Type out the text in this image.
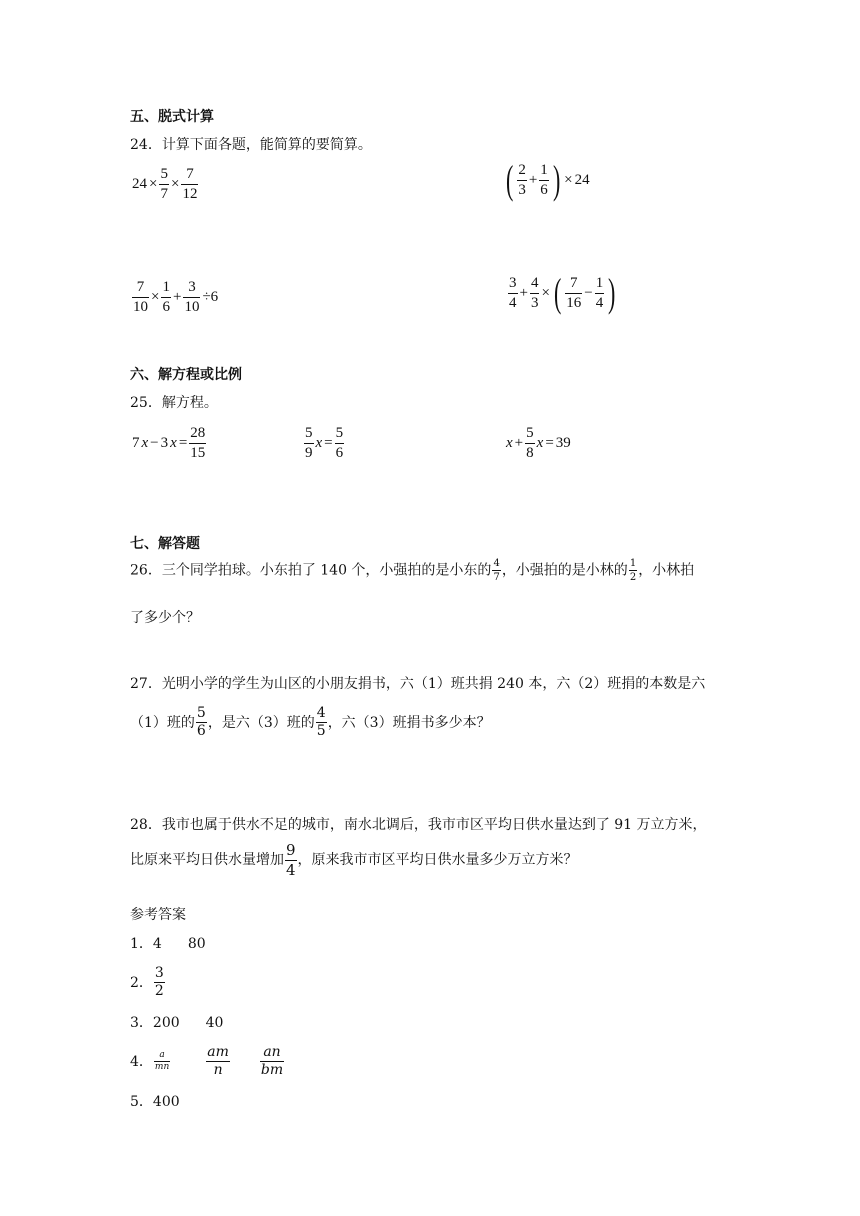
五、脱式计算
24．计算下面各题，能简算的要简算。
$24 \times \frac{5}{7} \times \frac{7}{12}$	( $\frac{2}{3} + \frac{1}{6}$ ) × 24
$\frac{7}{10} \times \frac{1}{6} + \frac{3}{10} \div 6$	$\frac{3}{4} + \frac{4}{3}$ ×( $\frac{7}{16} - \frac{1}{4}$ )
六、解方程或比例
25．解方程。
7 x − 3 $x = \frac{28}{15}$	$\frac{5}{9}$ $x = \frac{5}{6}$	$x + \frac{5}{8}$ x = 39
七、解答题
26．三个同学拍球。小东拍了 140 个，小强拍的是小东的 $\frac{4}{7}$ ，小强拍的是小林的 $\frac{1}{2}$ ，小林拍
了多少个？
27．光明小学的学生为山区的小朋友捐书，六（1）班共捐 240 本，六（2）班捐的本数是六
（1）班的 $\frac{5}{6}$ ，是六（3）班的 $\frac{4}{5}$ ，六（3）班捐书多少本？
28．我市也属于供水不足的城市，南水北调后，我市市区平均日供水量达到了 91 万立方米，
比原来平均日供水量增加 $\frac{9}{4}$ ，原来我市市区平均日供水量多少万立方米？
参考答案
1．4 80
2． $\frac{3}{2}$
3．200 40
4． $\frac{a}{mn}$	$\frac{am}{n} \frac{an}{bm}$
5．400
